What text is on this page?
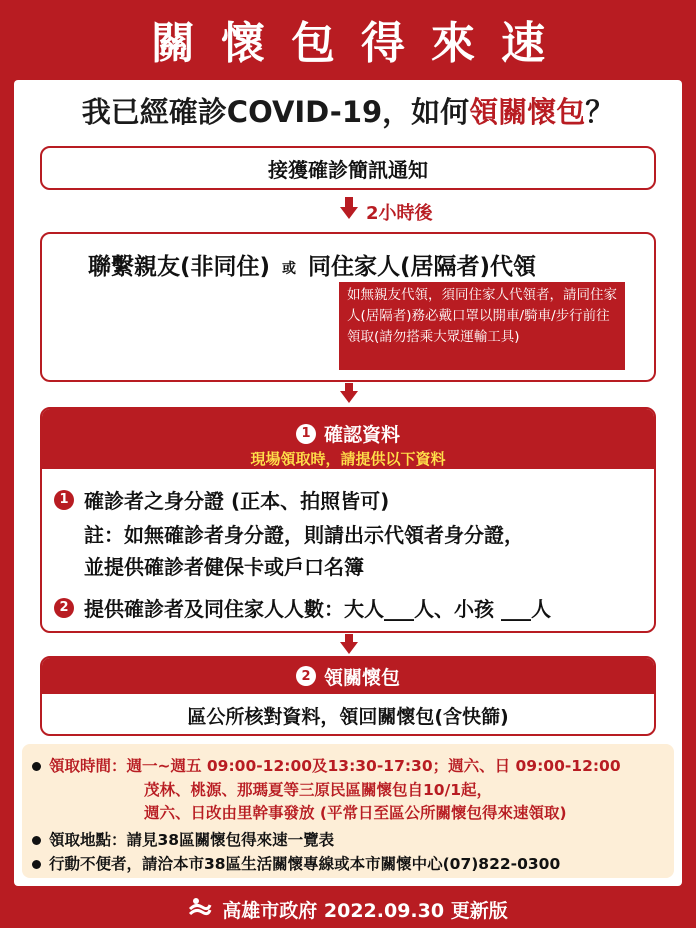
關懷包得來速
我已經確診COVID-19，如何領關懷包？
接獲確診簡訊通知
2小時後
聯繫親友(非同住) 或 同住家人(居隔者)代領
如無親友代領，須同住家人代領者，請同住家人(居隔者)務必戴口罩以開車/騎車/步行前往領取(請勿搭乘大眾運輸工具)
1 確認資料
現場領取時，請提供以下資料
1 確診者之身分證 (正本、拍照皆可)
註：如無確診者身分證，則請出示代領者身分證，
並提供確診者健保卡或戶口名簿
2 提供確診者及同住家人人數：大人___人、小孩 ___人
2 領關懷包
區公所核對資料，領回關懷包(含快篩)
領取時間：週一~週五 09:00-12:00及13:30-17:30；週六、日 09:00-12:00
茂林、桃源、那瑪夏等三原民區關懷包自10/1起，
週六、日改由里幹事發放 (平常日至區公所關懷包得來速領取)
領取地點：請見38區關懷包得來速一覽表
行動不便者，請洽本市38區生活關懷專線或本市關懷中心(07)822-0300
高雄市政府 2022.09.30 更新版
